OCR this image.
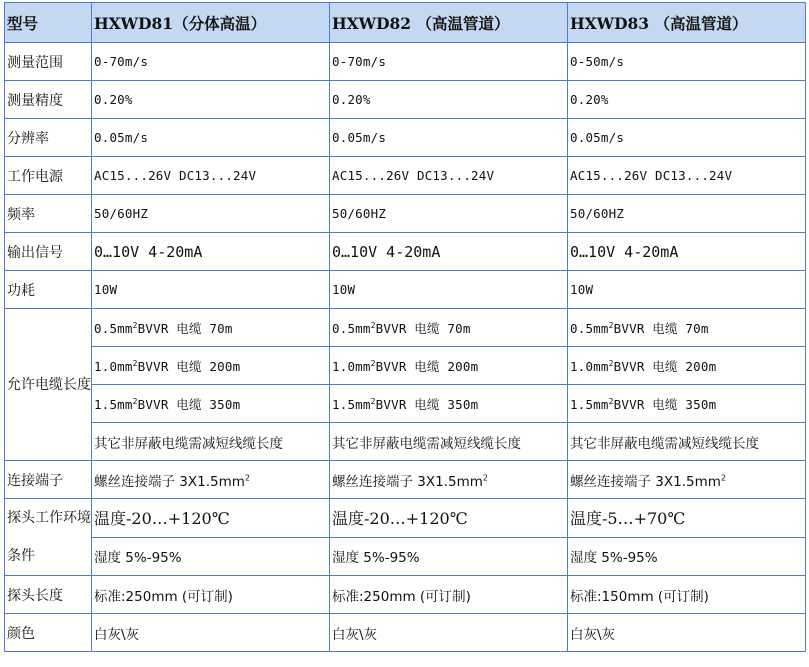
型号	HXWD81（分体高温）	HXWD82 （高温管道）	HXWD83 （高温管道）
测量范围	0-70m/s	0-70m/s	0-50m/s
测量精度	0.20%	0.20%	0.20%
分辨率	0.05m/s	0.05m/s	0.05m/s
工作电源	AC15...26V DC13...24V	AC15...26V DC13...24V	AC15...26V DC13...24V
频率	50/60HZ	50/60HZ	50/60HZ
输出信号	0…10V 4-20mA	0…10V 4-20mA	0…10V 4-20mA
功耗	10W	10W	10W
允许电缆长度	$0.5mm^2BVVR$ 电缆 70m	$0.5mm^2BVVR$ 电缆 70m	$0.5mm^2BVVR$ 电缆 70m
	$1.0mm^2BVVR$ 电缆 200m	$1.0mm^2BVVR$ 电缆 200m	$1.0mm^2BVVR$ 电缆 200m
	$1.5mm^2BVVR$ 电缆 350m	$1.5mm^2BVVR$ 电缆 350m	$1.5mm^2BVVR$ 电缆 350m
	其它非屏蔽电缆需减短线缆长度	其它非屏蔽电缆需减短线缆长度	其它非屏蔽电缆需减短线缆长度
连接端子	螺丝连接端子 $3X1.5mm^2$	螺丝连接端子 $3X1.5mm^2$	螺丝连接端子 $3X1.5mm^2$
探头工作环境条件	温度-20…+120℃	温度-20…+120℃	温度-5…+70℃
	湿度 5%-95%	湿度 5%-95%	湿度 5%-95%
探头长度	标准:250mm (可订制)	标准:250mm (可订制)	标准:150mm (可订制)
颜色	白灰\灰	白灰\灰	白灰\灰
